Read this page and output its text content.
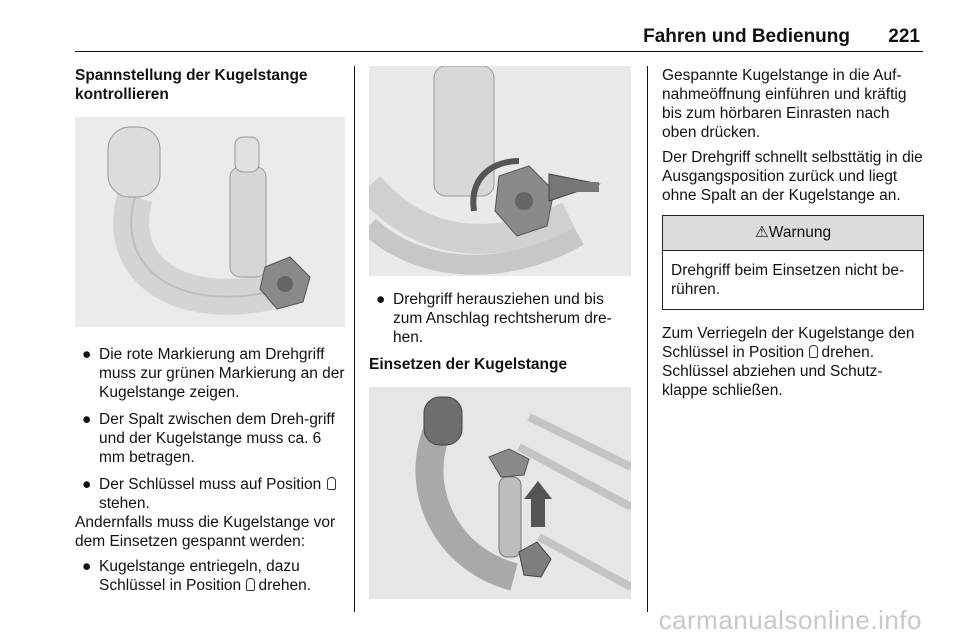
Fahren und Bedienung 221
Spannstellung der Kugelstange kontrollieren
● Die rote Markierung am Drehgriff muss zur grünen Markierung an der Kugelstange zeigen.
● Der Spalt zwischen dem Dreh-griff und der Kugelstange muss ca. 6 mm betragen.
● Der Schlüssel muss auf Position stehen.

Andernfalls muss die Kugelstange vor dem Einsetzen gespannt werden:

● Kugelstange entriegeln, dazu Schlüssel in Position drehen.
● Drehgriff herausziehen und bis zum Anschlag rechtsherum dre-hen.
Einsetzen der Kugelstange

Gespannte Kugelstange in die Auf-nahmeöffnung einführen und kräftig bis zum hörbaren Einrasten nach oben drücken.

Der Drehgriff schnellt selbsttätig in die Ausgangsposition zurück und liegt ohne Spalt an der Kugelstange an.

⚠Warnung
Drehgriff beim Einsetzen nicht be-rühren.

Zum Verriegeln der Kugelstange den Schlüssel in Position drehen. Schlüssel abziehen und Schutz-klappe schließen.

carmanualsonline.info
